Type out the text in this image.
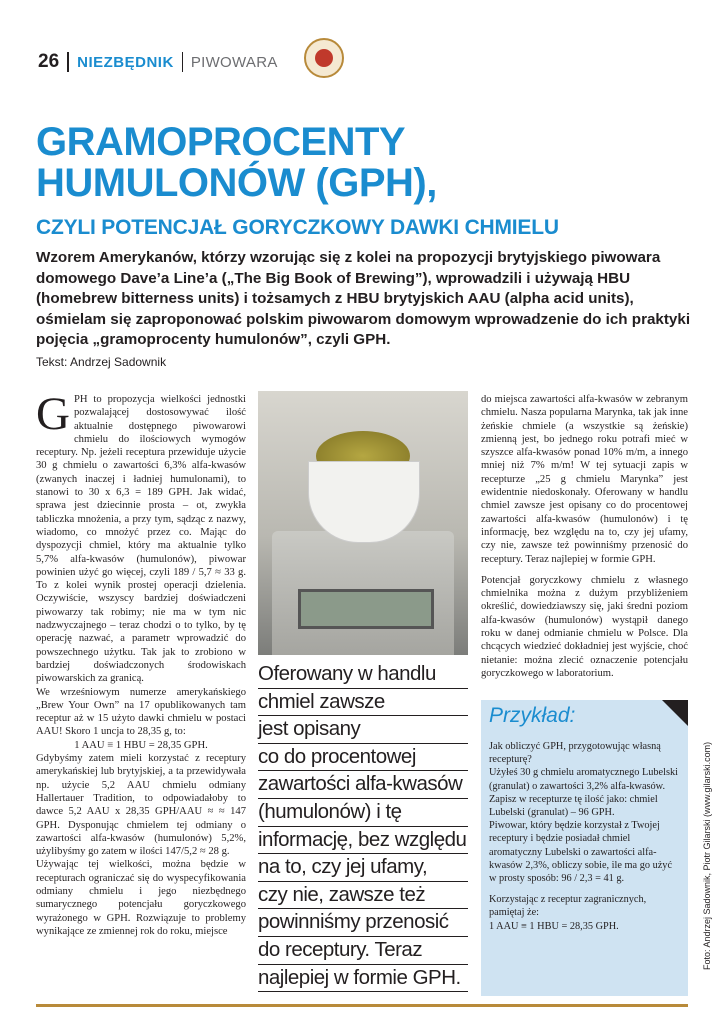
26 NIEZBĘDNIK PIWOWARA
GRAMOPROCENTY
HUMULONÓW (GPH),
CZYLI POTENCJAŁ GORYCZKOWY DAWKI CHMIELU

Wzorem Amerykanów, którzy wzorując się z kolei na propozycji brytyjskiego piwowara domowego Dave’a Line’a („The Big Book of Brewing”), wprowadzili i używają HBU (homebrew bitterness units) i tożsamych z HBU brytyjskich AAU (alpha acid units), ośmielam się zaproponować polskim piwowarom domowym wprowadzenie do ich praktyki pojęcia „gramoprocenty humulonów”, czyli GPH.

Tekst: Andrzej Sadownik

GPH to propozycja wielkości jednostki pozwalającej dostosowywać ilość aktualnie dostępnego piwowarowi chmielu do ilościowych wymogów receptury. Np. jeżeli receptura przewiduje użycie 30 g chmielu o zawartości 6,3% alfa-kwasów (zwanych inaczej i ładniej humulonami), to stanowi to 30 x 6,3 = 189 GPH. Jak widać, sprawa jest dziecinnie prosta – ot, zwykła tabliczka mnożenia, a przy tym, sądząc z nazwy, wiadomo, co mnożyć przez co. Mając do dyspozycji chmiel, który ma aktualnie tylko 5,7% alfa-kwasów (humulonów), piwowar powinien użyć go więcej, czyli 189 / 5,7 ≈ 33 g. To z kolei wynik prostej operacji dzielenia. Oczywiście, wszyscy bardziej doświadczeni piwowarzy tak robimy; nie ma w tym nic nadzwyczajnego – teraz chodzi o to tylko, by tę operację nazwać, a parametr wprowadzić do powszechnego użytku. Tak jak to zrobiono w bardziej doświadczonych środowiskach piwowarskich za granicą.

We wrześniowym numerze amerykańskiego „Brew Your Own” na 17 opublikowanych tam receptur aż w 15 użyto dawki chmielu w postaci AAU! Skoro 1 uncja to 28,35 g, to:

1 AAU ≡ 1 HBU = 28,35 GPH.

Gdybyśmy zatem mieli korzystać z receptury amerykańskiej lub brytyjskiej, a ta przewidywała np. użycie 5,2 AAU chmielu odmiany Hallertauer Tradition, to odpowiadałoby to dawce 5,2 AAU x 28,35 GPH/AAU ≈ ≈ 147 GPH. Dysponując chmielem tej odmiany o zawartości alfa-kwasów (humulonów) 5,2%, użylibyśmy go zatem w ilości 147/5,2 ≈ 28 g.

Używając tej wielkości, można będzie w recepturach ograniczać się do wyspecyfikowania odmiany chmielu i jego niezbędnego sumarycznego potencjału goryczkowego wyrażonego w GPH. Rozwiązuje to problemy wynikające ze zmiennej rok do roku, miejsce

Oferowany w handlu
chmiel zawsze
jest opisany
co do procentowej
zawartości alfa-kwasów
(humulonów) i tę
informację, bez względu
na to, czy jej ufamy,
czy nie, zawsze też
powinniśmy przenosić
do receptury. Teraz
najlepiej w formie GPH.

do miejsca zawartości alfa-kwasów w zebranym chmielu. Nasza popularna Marynka, tak jak inne żeńskie chmiele (a wszystkie są żeńskie) zmienną jest, bo jednego roku potrafi mieć w szyszce alfa-kwasów ponad 10% m/m, a innego mniej niż 7% m/m! W tej sytuacji zapis w recepturze „25 g chmielu Marynka” jest ewidentnie niedoskonały. Oferowany w handlu chmiel zawsze jest opisany co do procentowej zawartości alfa-kwasów (humulonów) i tę informację, bez względu na to, czy jej ufamy, czy nie, zawsze też powinniśmy przenosić do receptury. Teraz najlepiej w formie GPH.

Potencjał goryczkowy chmielu z własnego chmielnika można z dużym przybliżeniem określić, dowiedziawszy się, jaki średni poziom alfa-kwasów (humulonów) wystąpił danego roku w danej odmianie chmielu w Polsce. Dla chcących wiedzieć dokładniej jest wyjście, choć nietanie: można zlecić oznaczenie potencjału goryczkowego w laboratorium.

Przykład:

Jak obliczyć GPH, przygotowując własną recepturę?

Użyłeś 30 g chmielu aromatycznego Lubelski (granulat) o zawartości 3,2% alfa-kwasów.

Zapisz w recepturze tę ilość jako: chmiel Lubelski (granulat) – 96 GPH.

Piwowar, który będzie korzystał z Twojej receptury i będzie posiadał chmiel aromatyczny Lubelski o zawartości alfa-kwasów 2,3%, obliczy sobie, ile ma go użyć w prosty sposób: 96 / 2,3 = 41 g.

Korzystając z receptur zagranicznych, pamiętaj że:

1 AAU ≡ 1 HBU = 28,35 GPH.	Foto: Andrzej Sadownik, Piotr Gilarski (www.gilarski.com)
